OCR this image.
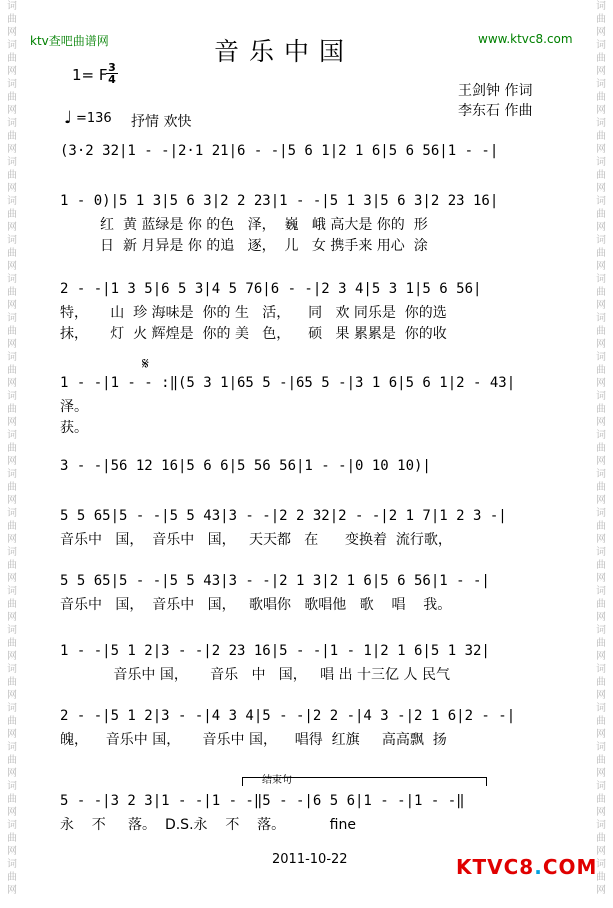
词
曲
网
词
曲
网
词
曲
网
词
曲
网
词
曲
网
词
曲
网
词
曲
网
词
曲
网
词
曲
网
词
曲
网
词
曲
网
词
曲
网
词
曲
网
词
曲
网
词
曲
网
词
曲
网
词
曲
网
词
曲
网
词
曲
网
词
曲
网
词
曲
网
词
曲
网
词
曲
网
词
曲
网
词
曲
网
词
曲
网
词
曲
网
词
曲
网
词
曲
网
词
曲
网
词
曲
网
词
曲
网
词
曲
网
词
曲
网
词
曲
网
词
曲
网
词
曲
网
词
曲
网
词
曲
网
词
曲
网
词
曲
网
词
曲
网
词
曲
网
词
曲
网
词
曲
网
词
曲
网
ktv查吧曲谱网	www.ktvc8.com
音乐中国
1= F
$\frac{3}{4}$
王剑钟 作词
李东石 作曲
♩ =136 抒情 欢快
𝄋
(3·2 32|1 - -|2·1 21|6 - -|5 6 1|2 1 6|5 6 56|1 - -|
1 - 0)|5 1 3|5 6 3|2 2 23|1 - -|5 1 3|5 6 3|2 23 16|
红  黄 蓝绿是 你 的色   泽，  巍   峨 高大是 你的  形
日  新 月异是 你 的追   逐，  儿   女 携手来 用心  涂
2 - -|1 3 5|6 5 3|4 5 76|6 - -|2 3 4|5 3 1|5 6 56|
特，     山  珍 海味是  你的 生   活，    同   欢 同乐是  你的选
抹，     灯  火 辉煌是  你的 美   色，    硕   果 累累是  你的收
1 - -|1 - - :‖(5 3 1|65 5 -|65 5 -|3 1 6|5 6 1|2 - 43|
泽。
获。
3 - -|56 12 16|5 6 6|5 56 56|1 - -|0 10 10)|
5 5 65|5 - -|5 5 43|3 - -|2 2 32|2 - -|2 1 7|1 2 3 -|
音乐中   国，  音乐中   国，   天天都   在      变换着  流行歌，
5 5 65|5 - -|5 5 43|3 - -|2 1 3|2 1 6|5 6 56|1 - -|
音乐中   国，  音乐中   国，   歌唱你   歌唱他   歌    唱    我。
1 - -|5 1 2|3 - -|2 23 16|5 - -|1 - 1|2 1 6|5 1 32|
音乐中 国，     音乐   中   国，   唱 出 十三亿 人 民气
2 - -|5 1 2|3 - -|4 3 4|5 - -|2 2 -|4 3 -|2 1 6|2 - -|
魄，    音乐中 国，     音乐中 国，    唱得  红旗     高高飘  扬
5 - -|3 2 3|1 - -|1 - -‖5 - -|6 5 6|1 - -|1 - -‖
永    不     落。  D.S.永    不    落。          fine
结束句
2011-10-22	KTVC8.COM
